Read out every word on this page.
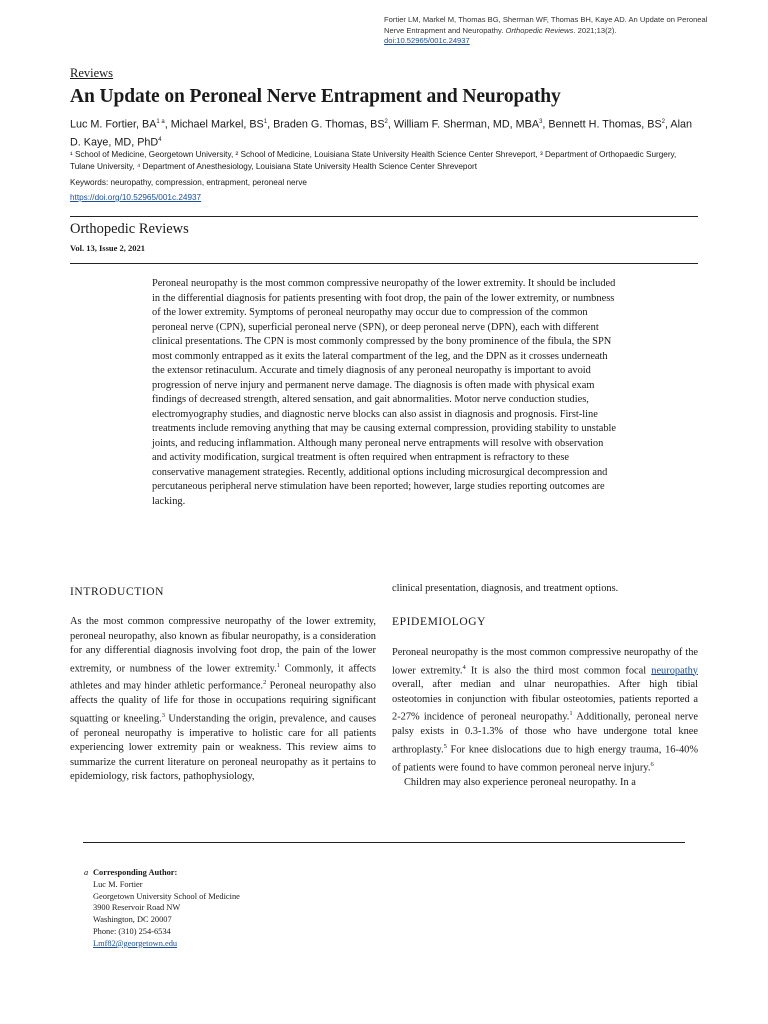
Fortier LM, Markel M, Thomas BG, Sherman WF, Thomas BH, Kaye AD. An Update on Peroneal Nerve Entrapment and Neuropathy. Orthopedic Reviews. 2021;13(2).
doi:10.52965/001c.24937
Reviews
An Update on Peroneal Nerve Entrapment and Neuropathy
Luc M. Fortier, $BA^{1 a}$, Michael Markel, $BS^1$, Braden G. Thomas, $BS^2$, William F. Sherman, MD, MBA$^3$, Bennett H. Thomas, $BS^2$, Alan D. Kaye, MD, PhD$^4$
¹ School of Medicine, Georgetown University, ² School of Medicine, Louisiana State University Health Science Center Shreveport, ³ Department of Orthopaedic Surgery, Tulane University, ⁴ Department of Anesthesiology, Louisiana State University Health Science Center Shreveport
Keywords: neuropathy, compression, entrapment, peroneal nerve
https://doi.org/10.52965/001c.24937
Orthopedic Reviews
Vol. 13, Issue 2, 2021
Peroneal neuropathy is the most common compressive neuropathy of the lower extremity. It should be included in the differential diagnosis for patients presenting with foot drop, the pain of the lower extremity, or numbness of the lower extremity. Symptoms of peroneal neuropathy may occur due to compression of the common peroneal nerve (CPN), superficial peroneal nerve (SPN), or deep peroneal nerve (DPN), each with different clinical presentations. The CPN is most commonly compressed by the bony prominence of the fibula, the SPN most commonly entrapped as it exits the lateral compartment of the leg, and the DPN as it crosses underneath the extensor retinaculum. Accurate and timely diagnosis of any peroneal neuropathy is important to avoid progression of nerve injury and permanent nerve damage. The diagnosis is often made with physical exam findings of decreased strength, altered sensation, and gait abnormalities. Motor nerve conduction studies, electromyography studies, and diagnostic nerve blocks can also assist in diagnosis and prognosis. First-line treatments include removing anything that may be causing external compression, providing stability to unstable joints, and reducing inflammation. Although many peroneal nerve entrapments will resolve with observation and activity modification, surgical treatment is often required when entrapment is refractory to these conservative management strategies. Recently, additional options including microsurgical decompression and percutaneous peripheral nerve stimulation have been reported; however, large studies reporting outcomes are lacking.
INTRODUCTION
As the most common compressive neuropathy of the lower extremity, peroneal neuropathy, also known as fibular neuropathy, is a consideration for any differential diagnosis involving foot drop, the pain of the lower extremity, or numbness of the lower extremity.$^1$ Commonly, it affects athletes and may hinder athletic performance.$^2$ Peroneal neuropathy also affects the quality of life for those in occupations requiring significant squatting or kneeling.$^3$ Understanding the origin, prevalence, and causes of peroneal neuropathy is imperative to holistic care for all patients experiencing lower extremity pain or weakness. This review aims to summarize the current literature on peroneal neuropathy as it pertains to epidemiology, risk factors, pathophysiology,
clinical presentation, diagnosis, and treatment options.
EPIDEMIOLOGY
Peroneal neuropathy is the most common compressive neuropathy of the lower extremity.$^4$ It is also the third most common focal neuropathy overall, after median and ulnar neuropathies. After high tibial osteotomies in conjunction with fibular osteotomies, patients reported a 2-27% incidence of peroneal neuropathy.$^1$ Additionally, peroneal nerve palsy exists in 0.3-1.3% of those who have undergone total knee arthroplasty.$^5$ For knee dislocations due to high energy trauma, 16-40% of patients were found to have common peroneal nerve injury.$^6$
Children may also experience peroneal neuropathy. In a
a Corresponding Author:
Luc M. Fortier
Georgetown University School of Medicine
3900 Reservoir Road NW
Washington, DC 20007
Phone: (310) 254-6534
Lmf82@georgetown.edu
